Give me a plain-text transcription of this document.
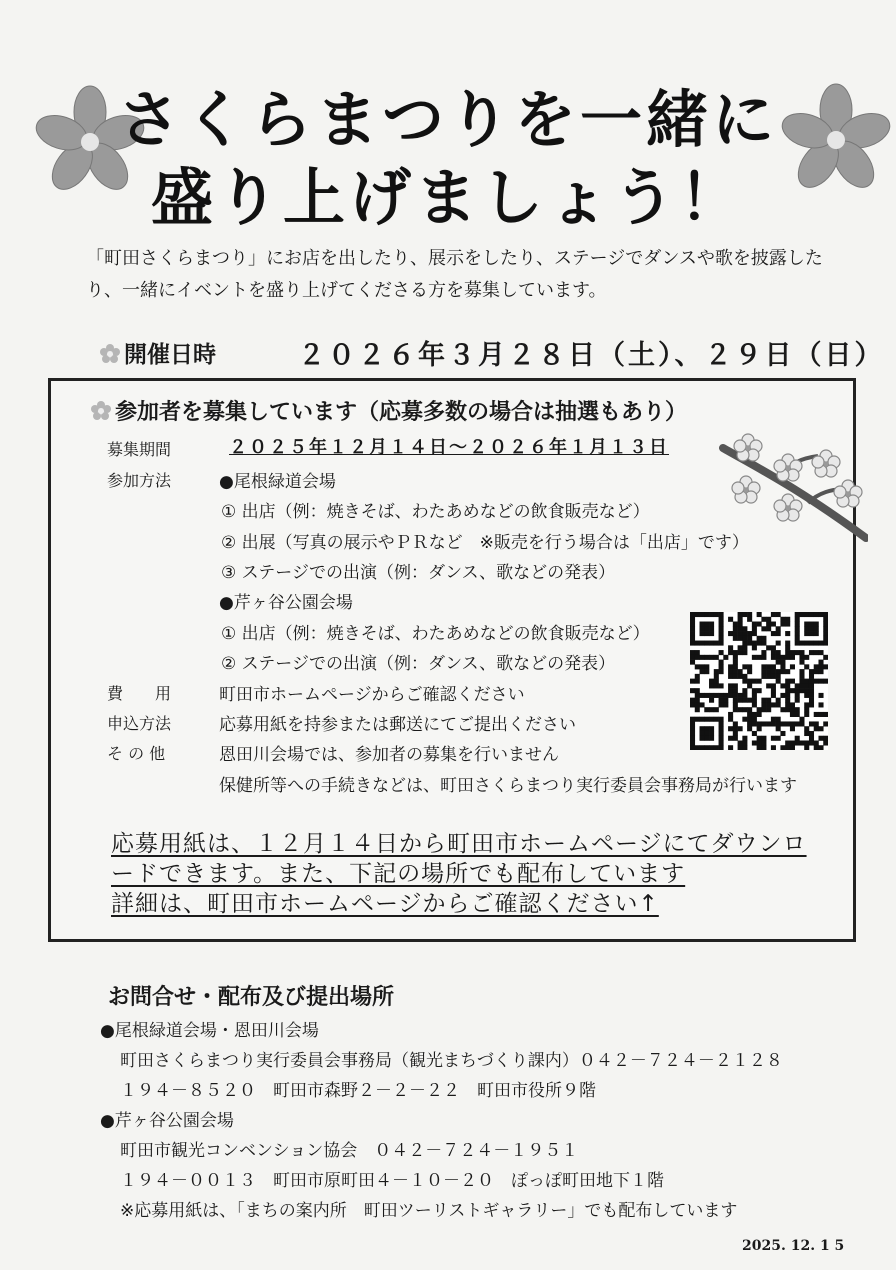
さくらまつりを一緒に
盛り上げましょう！
「町田さくらまつり」にお店を出したり、展示をしたり、ステージでダンスや歌を披露した
り、一緒にイベントを盛り上げてくださる方を募集しています。
開催日時	２０２６年３月２８日（土）、２９日（日）
参加者を募集しています（応募多数の場合は抽選もあり）
募集期間	２０２５年１２月１４日～２０２６年１月１３日
参加方法	●尾根緑道会場
① 出店（例：焼きそば、わたあめなどの飲食販売など）
② 出展（写真の展示やＰＲなど　※販売を行う場合は「出店」です）
③ ステージでの出演（例：ダンス、歌などの発表）
●芹ヶ谷公園会場
① 出店（例：焼きそば、わたあめなどの飲食販売など）
② ステージでの出演（例：ダンス、歌などの発表）
費　　用	町田市ホームページからご確認ください
申込方法	応募用紙を持参または郵送にてご提出ください
そ の 他	恩田川会場では、参加者の募集を行いません
保健所等への手続きなどは、町田さくらまつり実行委員会事務局が行います
応募用紙は、１２月１４日から町田市ホームページにてダウンロ
ードできます。また、下記の場所でも配布しています
詳細は、町田市ホームページからご確認ください↑
お問合せ・配布及び提出場所
●尾根緑道会場・恩田川会場
町田さくらまつり実行委員会事務局（観光まちづくり課内）０４２－７２４－２１２８
１９４－８５２０　町田市森野２－２－２２　町田市役所９階
●芹ヶ谷公園会場
町田市観光コンベンション協会　０４２－７２４－１９５１
１９４－００１３　町田市原町田４－１０－２０　ぽっぽ町田地下１階
※応募用紙は、「まちの案内所　町田ツーリストギャラリー」でも配布しています
2025. 12. 1 5
